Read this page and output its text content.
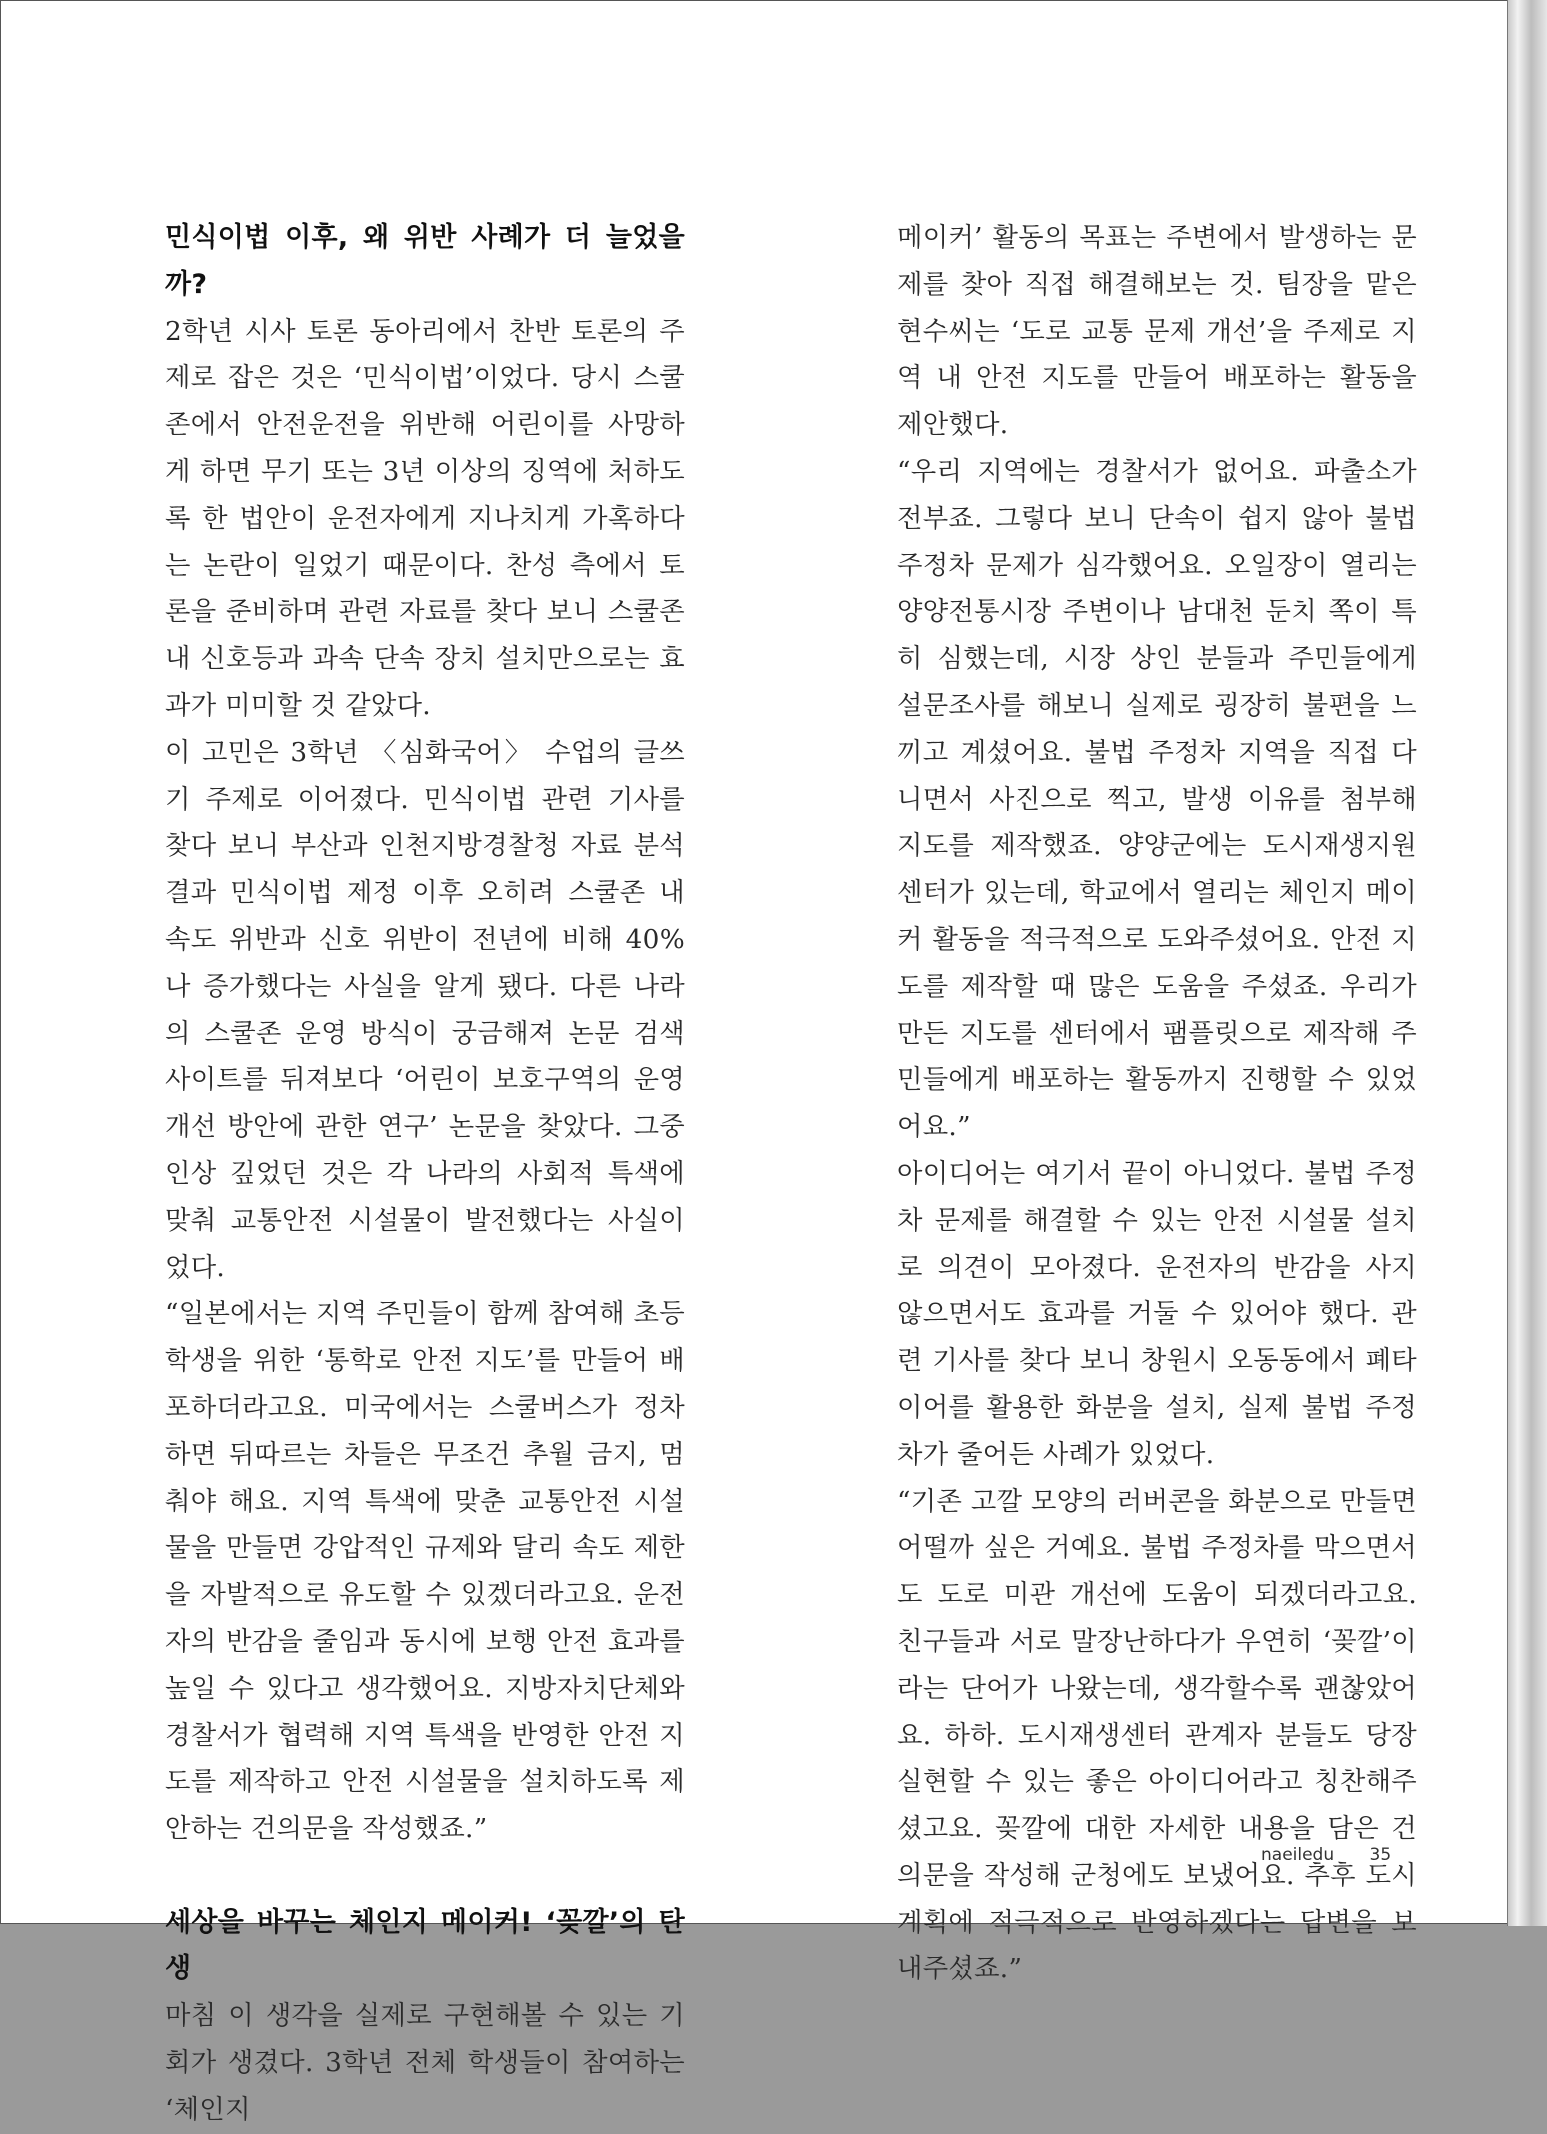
민식이법 이후, 왜 위반 사례가 더 늘었을까?

2학년 시사 토론 동아리에서 찬반 토론의 주제로 잡은 것은 ‘민식이법’이었다. 당시 스쿨존에서 안전운전을 위반해 어린이를 사망하게 하면 무기 또는 3년 이상의 징역에 처하도록 한 법안이 운전자에게 지나치게 가혹하다는 논란이 일었기 때문이다. 찬성 측에서 토론을 준비하며 관련 자료를 찾다 보니 스쿨존 내 신호등과 과속 단속 장치 설치만으로는 효과가 미미할 것 같았다.

이 고민은 3학년 〈심화국어〉 수업의 글쓰기 주제로 이어졌다. 민식이법 관련 기사를 찾다 보니 부산과 인천지방경찰청 자료 분석 결과 민식이법 제정 이후 오히려 스쿨존 내 속도 위반과 신호 위반이 전년에 비해 40%나 증가했다는 사실을 알게 됐다. 다른 나라의 스쿨존 운영 방식이 궁금해져 논문 검색 사이트를 뒤져보다 ‘어린이 보호구역의 운영 개선 방안에 관한 연구’ 논문을 찾았다. 그중 인상 깊었던 것은 각 나라의 사회적 특색에 맞춰 교통안전 시설물이 발전했다는 사실이었다.

“일본에서는 지역 주민들이 함께 참여해 초등학생을 위한 ‘통학로 안전 지도’를 만들어 배포하더라고요. 미국에서는 스쿨버스가 정차하면 뒤따르는 차들은 무조건 추월 금지, 멈춰야 해요. 지역 특색에 맞춘 교통안전 시설물을 만들면 강압적인 규제와 달리 속도 제한을 자발적으로 유도할 수 있겠더라고요. 운전자의 반감을 줄임과 동시에 보행 안전 효과를 높일 수 있다고 생각했어요. 지방자치단체와 경찰서가 협력해 지역 특색을 반영한 안전 지도를 제작하고 안전 시설물을 설치하도록 제안하는 건의문을 작성했죠.”

세상을 바꾸는 체인지 메이커! ‘꽂깔’의 탄생

마침 이 생각을 실제로 구현해볼 수 있는 기회가 생겼다. 3학년 전체 학생들이 참여하는 ‘체인지

메이커’ 활동의 목표는 주변에서 발생하는 문제를 찾아 직접 해결해보는 것. 팀장을 맡은 현수씨는 ‘도로 교통 문제 개선’을 주제로 지역 내 안전 지도를 만들어 배포하는 활동을 제안했다.

“우리 지역에는 경찰서가 없어요. 파출소가 전부죠. 그렇다 보니 단속이 쉽지 않아 불법 주정차 문제가 심각했어요. 오일장이 열리는 양양전통시장 주변이나 남대천 둔치 쪽이 특히 심했는데, 시장 상인 분들과 주민들에게 설문조사를 해보니 실제로 굉장히 불편을 느끼고 계셨어요. 불법 주정차 지역을 직접 다니면서 사진으로 찍고, 발생 이유를 첨부해 지도를 제작했죠. 양양군에는 도시재생지원센터가 있는데, 학교에서 열리는 체인지 메이커 활동을 적극적으로 도와주셨어요. 안전 지도를 제작할 때 많은 도움을 주셨죠. 우리가 만든 지도를 센터에서 팸플릿으로 제작해 주민들에게 배포하는 활동까지 진행할 수 있었어요.”

아이디어는 여기서 끝이 아니었다. 불법 주정차 문제를 해결할 수 있는 안전 시설물 설치로 의견이 모아졌다. 운전자의 반감을 사지 않으면서도 효과를 거둘 수 있어야 했다. 관련 기사를 찾다 보니 창원시 오동동에서 폐타이어를 활용한 화분을 설치, 실제 불법 주정차가 줄어든 사례가 있었다.

“기존 고깔 모양의 러버콘을 화분으로 만들면 어떨까 싶은 거예요. 불법 주정차를 막으면서도 도로 미관 개선에 도움이 되겠더라고요. 친구들과 서로 말장난하다가 우연히 ‘꽂깔’이라는 단어가 나왔는데, 생각할수록 괜찮았어요. 하하. 도시재생센터 관계자 분들도 당장 실현할 수 있는 좋은 아이디어라고 칭찬해주셨고요. 꽂깔에 대한 자세한 내용을 담은 건의문을 작성해 군청에도 보냈어요. 추후 도시 계획에 적극적으로 반영하겠다는 답변을 보내주셨죠.”

naeiledu 35
